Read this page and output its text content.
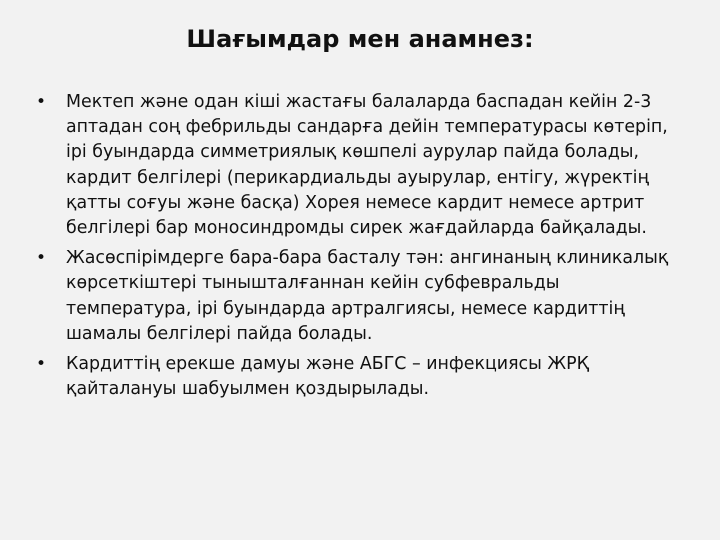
Шағымдар мен анамнез:
• Мектеп және одан кіші жастағы балаларда баспадан кейін 2-3 аптадан соң фебрильды сандарға дейін температурасы көтеріп, ірі буындарда симметриялық көшпелі аурулар пайда болады, кардит белгілері (перикардиальды ауырулар, ентігу, жүректің қатты соғуы және басқа) Хорея немесе кардит немесе артрит белгілері бар моносиндромды сирек жағдайларда байқалады.
• Жасөспірімдерге бара-бара басталу тән: ангинаның клиникалық көрсеткіштері тынышталғаннан кейін субфевральды температура, ірі буындарда артралгиясы, немесе кардиттің шамалы белгілері пайда болады.
• Кардиттің ерекше дамуы және АБГС – инфекциясы ЖРҚ қайталануы шабуылмен қоздырылады.
